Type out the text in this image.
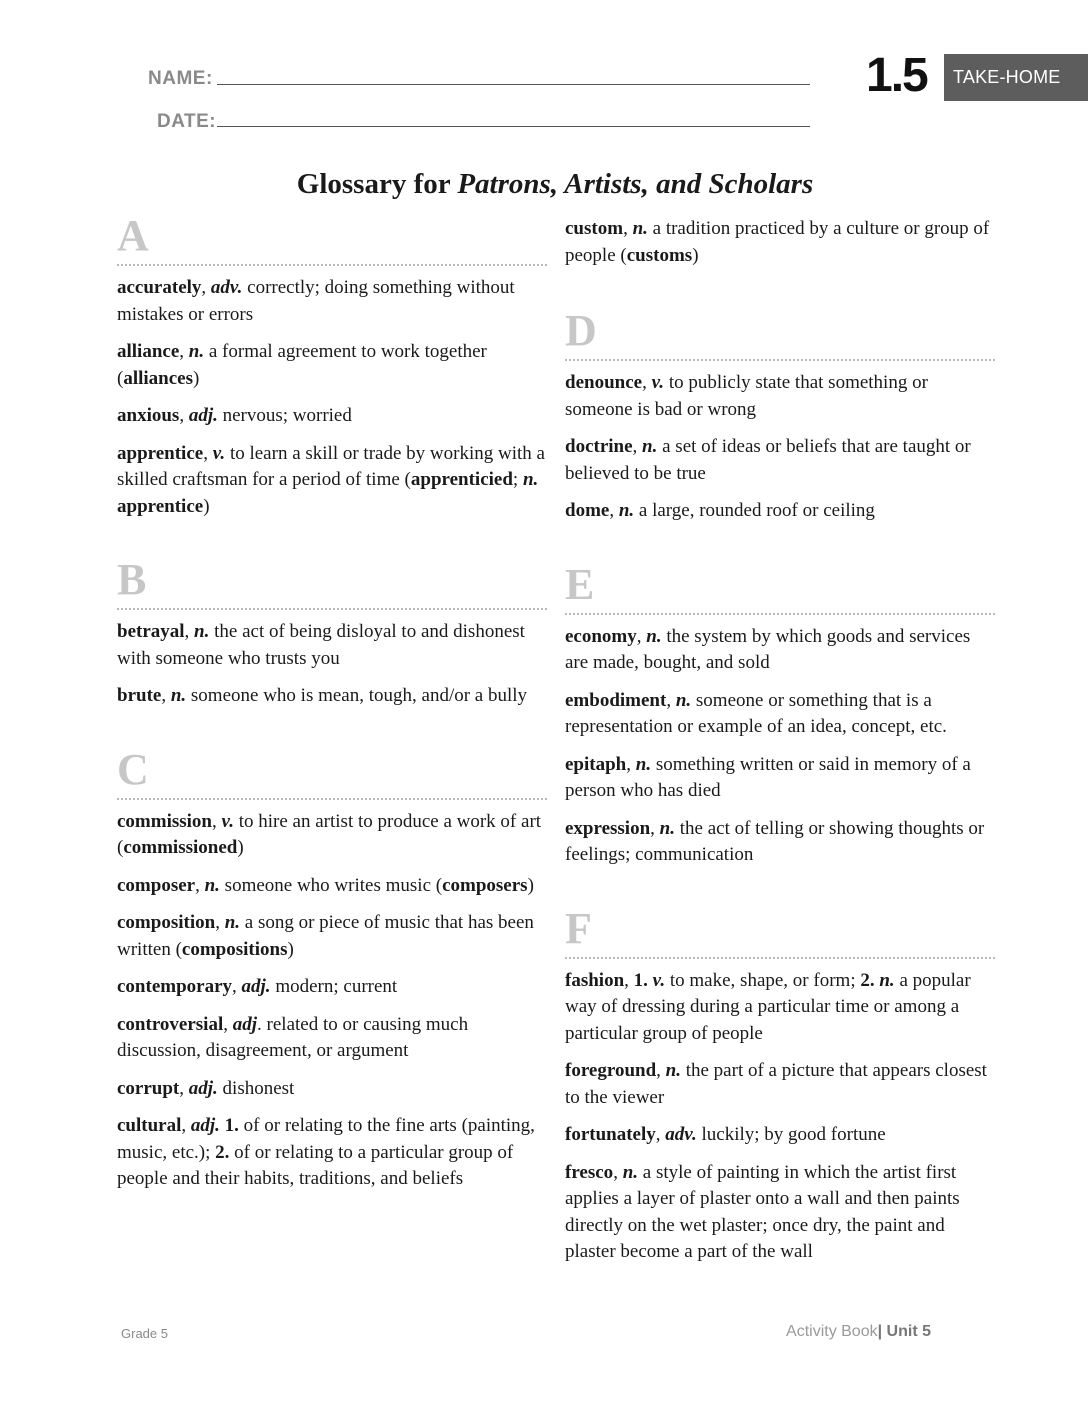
NAME:
DATE:
1.5	TAKE-HOME
Glossary for Patrons, Artists, and Scholars
A
accurately, adv. correctly; doing something without mistakes or errors
alliance, n. a formal agreement to work together (alliances)
anxious, adj. nervous; worried
apprentice, v. to learn a skill or trade by working with a skilled craftsman for a period of time (apprenticied; n. apprentice)
B
betrayal, n. the act of being disloyal to and dishonest with someone who trusts you
brute, n. someone who is mean, tough, and/or a bully
C
commission, v. to hire an artist to produce a work of art (commissioned)
composer, n. someone who writes music (composers)
composition, n. a song or piece of music that has been written (compositions)
contemporary, adj. modern; current
controversial, adj. related to or causing much discussion, disagreement, or argument
corrupt, adj. dishonest
cultural, adj. 1. of or relating to the fine arts (painting, music, etc.); 2. of or relating to a particular group of people and their habits, traditions, and beliefs
custom, n. a tradition practiced by a culture or group of people (customs)
D
denounce, v. to publicly state that something or someone is bad or wrong
doctrine, n. a set of ideas or beliefs that are taught or believed to be true
dome, n. a large, rounded roof or ceiling
E
economy, n. the system by which goods and services are made, bought, and sold
embodiment, n. someone or something that is a representation or example of an idea, concept, etc.
epitaph, n. something written or said in memory of a person who has died
expression, n. the act of telling or showing thoughts or feelings; communication
F
fashion, 1. v. to make, shape, or form; 2. n. a popular way of dressing during a particular time or among a particular group of people
foreground, n. the part of a picture that appears closest to the viewer
fortunately, adv. luckily; by good fortune
fresco, n. a style of painting in which the artist first applies a layer of plaster onto a wall and then paints directly on the wet plaster; once dry, the paint and plaster become a part of the wall
Grade 5	Activity Book| Unit 5
